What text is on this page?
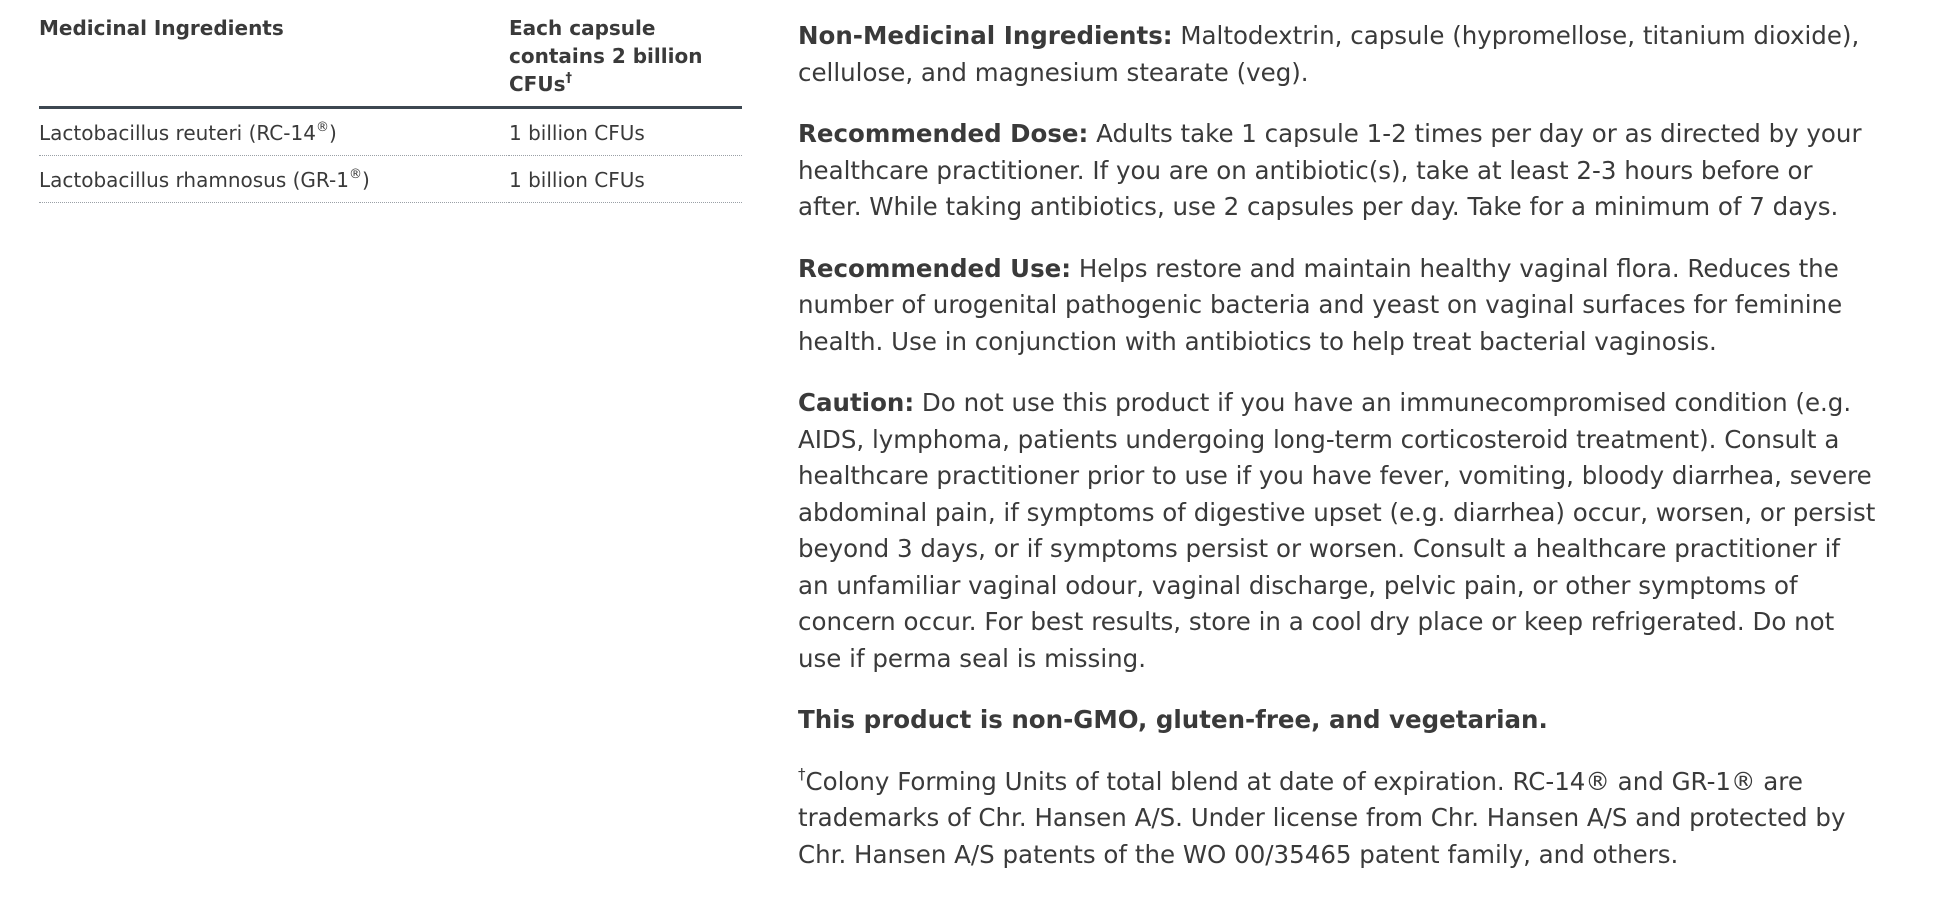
Medicinal Ingredients	Each capsule contains 2 billion CFUs†
Lactobacillus reuteri (RC-14®)	1 billion CFUs
Lactobacillus rhamnosus (GR-1®)	1 billion CFUs

Non-Medicinal Ingredients: Maltodextrin, capsule (hypromellose, titanium dioxide), cellulose, and magnesium stearate (veg).

Recommended Dose: Adults take 1 capsule 1-2 times per day or as directed by your healthcare practitioner. If you are on antibiotic(s), take at least 2-3 hours before or after. While taking antibiotics, use 2 capsules per day. Take for a minimum of 7 days.

Recommended Use: Helps restore and maintain healthy vaginal flora. Reduces the number of urogenital pathogenic bacteria and yeast on vaginal surfaces for feminine health. Use in conjunction with antibiotics to help treat bacterial vaginosis.

Caution: Do not use this product if you have an immunecompromised condition (e.g. AIDS, lymphoma, patients undergoing long-term corticosteroid treatment). Consult a healthcare practitioner prior to use if you have fever, vomiting, bloody diarrhea, severe abdominal pain, if symptoms of digestive upset (e.g. diarrhea) occur, worsen, or persist beyond 3 days, or if symptoms persist or worsen. Consult a healthcare practitioner if an unfamiliar vaginal odour, vaginal discharge, pelvic pain, or other symptoms of concern occur. For best results, store in a cool dry place or keep refrigerated. Do not use if perma seal is missing.

This product is non-GMO, gluten-free, and vegetarian.

†Colony Forming Units of total blend at date of expiration. RC-14® and GR-1® are trademarks of Chr. Hansen A/S. Under license from Chr. Hansen A/S and protected by Chr. Hansen A/S patents of the WO 00/35465 patent family, and others.
